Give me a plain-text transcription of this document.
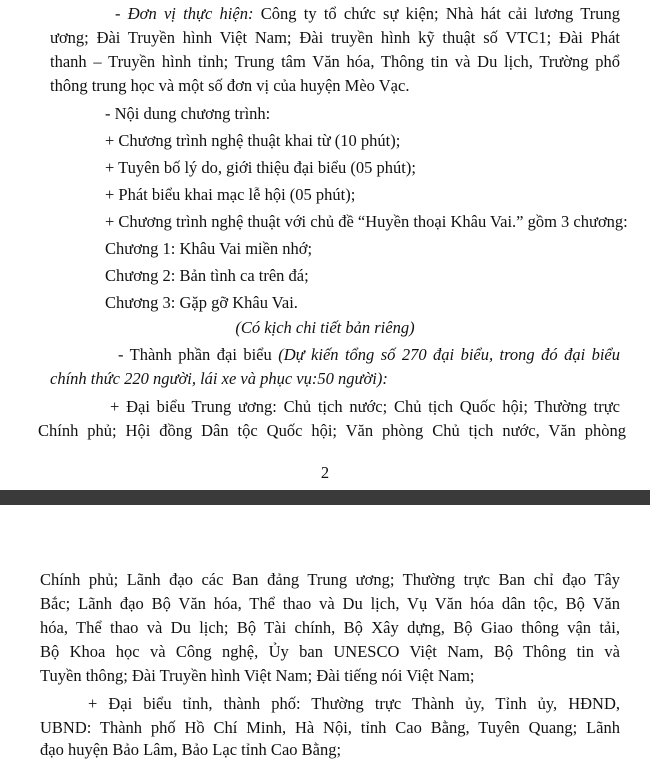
- Đơn vị thực hiện: Công ty tổ chức sự kiện; Nhà hát cải lương Trung
ương; Đài Truyền hình Việt Nam; Đài truyền hình kỹ thuật số VTC1; Đài Phát
thanh – Truyền hình tỉnh; Trung tâm Văn hóa, Thông tin và Du lịch, Trường phổ
thông trung học và một số đơn vị của huyện Mèo Vạc.
- Nội dung chương trình:
+ Chương trình nghệ thuật khai từ (10 phút);
+ Tuyên bố lý do, giới thiệu đại biểu (05 phút);
+ Phát biểu khai mạc lễ hội (05 phút);
+ Chương trình nghệ thuật với chủ đề “Huyền thoại Khâu Vai.” gồm 3 chương:
Chương 1: Khâu Vai miền nhớ;
Chương 2: Bản tình ca trên đá;
Chương 3: Gặp gỡ Khâu Vai.
(Có kịch chi tiết bản riêng)
- Thành phần đại biểu (Dự kiến tổng số 270 đại biểu, trong đó đại biểu
chính thức 220 người, lái xe và phục vụ:50 người):
+ Đại biểu Trung ương: Chủ tịch nước; Chủ tịch Quốc hội; Thường trực
Chính phủ; Hội đồng Dân tộc Quốc hội; Văn phòng Chủ tịch nước, Văn phòng
2
Chính phủ; Lãnh đạo các Ban đảng Trung ương; Thường trực Ban chỉ đạo Tây
Bắc; Lãnh đạo Bộ Văn hóa, Thể thao và Du lịch, Vụ Văn hóa dân tộc, Bộ Văn
hóa, Thể thao và Du lịch; Bộ Tài chính, Bộ Xây dựng, Bộ Giao thông vận tải,
Bộ Khoa học và Công nghệ, Ủy ban UNESCO Việt Nam, Bộ Thông tin và
Tuyền thông; Đài Truyền hình Việt Nam; Đài tiếng nói Việt Nam;
+ Đại biểu tỉnh, thành phố: Thường trực Thành ủy, Tỉnh ủy, HĐND,
UBND: Thành phố Hồ Chí Minh, Hà Nội, tỉnh Cao Bằng, Tuyên Quang; Lãnh
đạo huyện Bảo Lâm, Bảo Lạc tỉnh Cao Bằng;
